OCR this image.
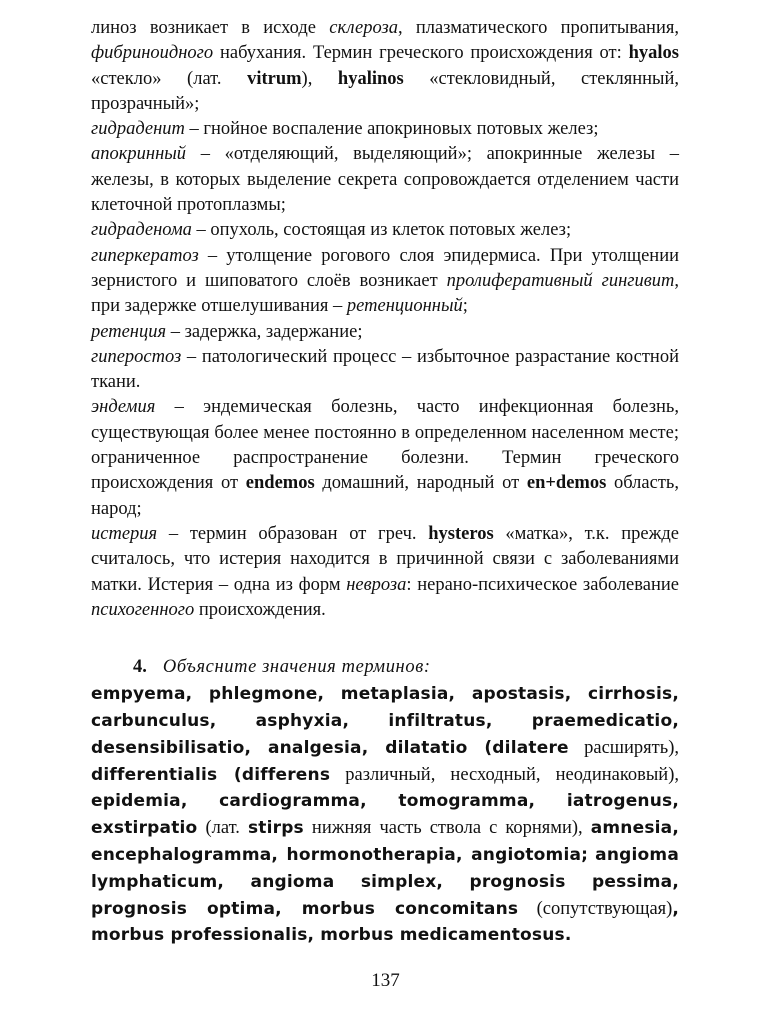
линоз возникает в исходе склероза, плазматического пропитывания, фибриноидного набухания. Термин греческого происхождения от: hyalos «стекло» (лат. vitrum), hyalinos «стекловидный, стеклянный, прозрачный»;
гидраденит – гнойное воспаление апокриновых потовых желез;
апокринный – «отделяющий, выделяющий»; апокринные железы – железы, в которых выделение секрета сопровождается отделением части клеточной протоплазмы;
гидраденома – опухоль, состоящая из клеток потовых желез;
гиперкератоз – утолщение рогового слоя эпидермиса. При утолщении зернистого и шиповатого слоёв возникает пролиферативный гингивит, при задержке отшелушивания – ретенционный;
ретенция – задержка, задержание;
гиперостоз – патологический процесс – избыточное разрастание костной ткани.
эндемия – эндемическая болезнь, часто инфекционная болезнь, существующая более менее постоянно в определенном населенном месте; ограниченное распространение болезни. Термин греческого происхождения от endemos домашний, народный от en+demos область, народ;
истерия – термин образован от греч. hysteros «матка», т.к. прежде считалось, что истерия находится в причинной связи с заболеваниями матки. Истерия – одна из форм невроза: нерано-психическое заболевание психогенного происхождения.
4. Объясните значения терминов:
empyema, phlegmone, metaplasia, apostasis, cirrhosis, carbunculus, asphyxia, infiltratus, praemedicatio, desensibilisatio, analgesia, dilatatio (dilatere расширять), differentialis (differens различный, несходный, неодинаковый), epidemia, cardiogramma, tomogramma, iatrogenus, exstirpatio (лат. stirps нижняя часть ствола с корнями), amnesia, encephalogramma, hormonotherapia, angiotomia; angioma lymphaticum, angioma simplex, prognosis pessima, prognosis optima, morbus concomitans (сопутствующая), morbus professionalis, morbus medicamentosus.
137
